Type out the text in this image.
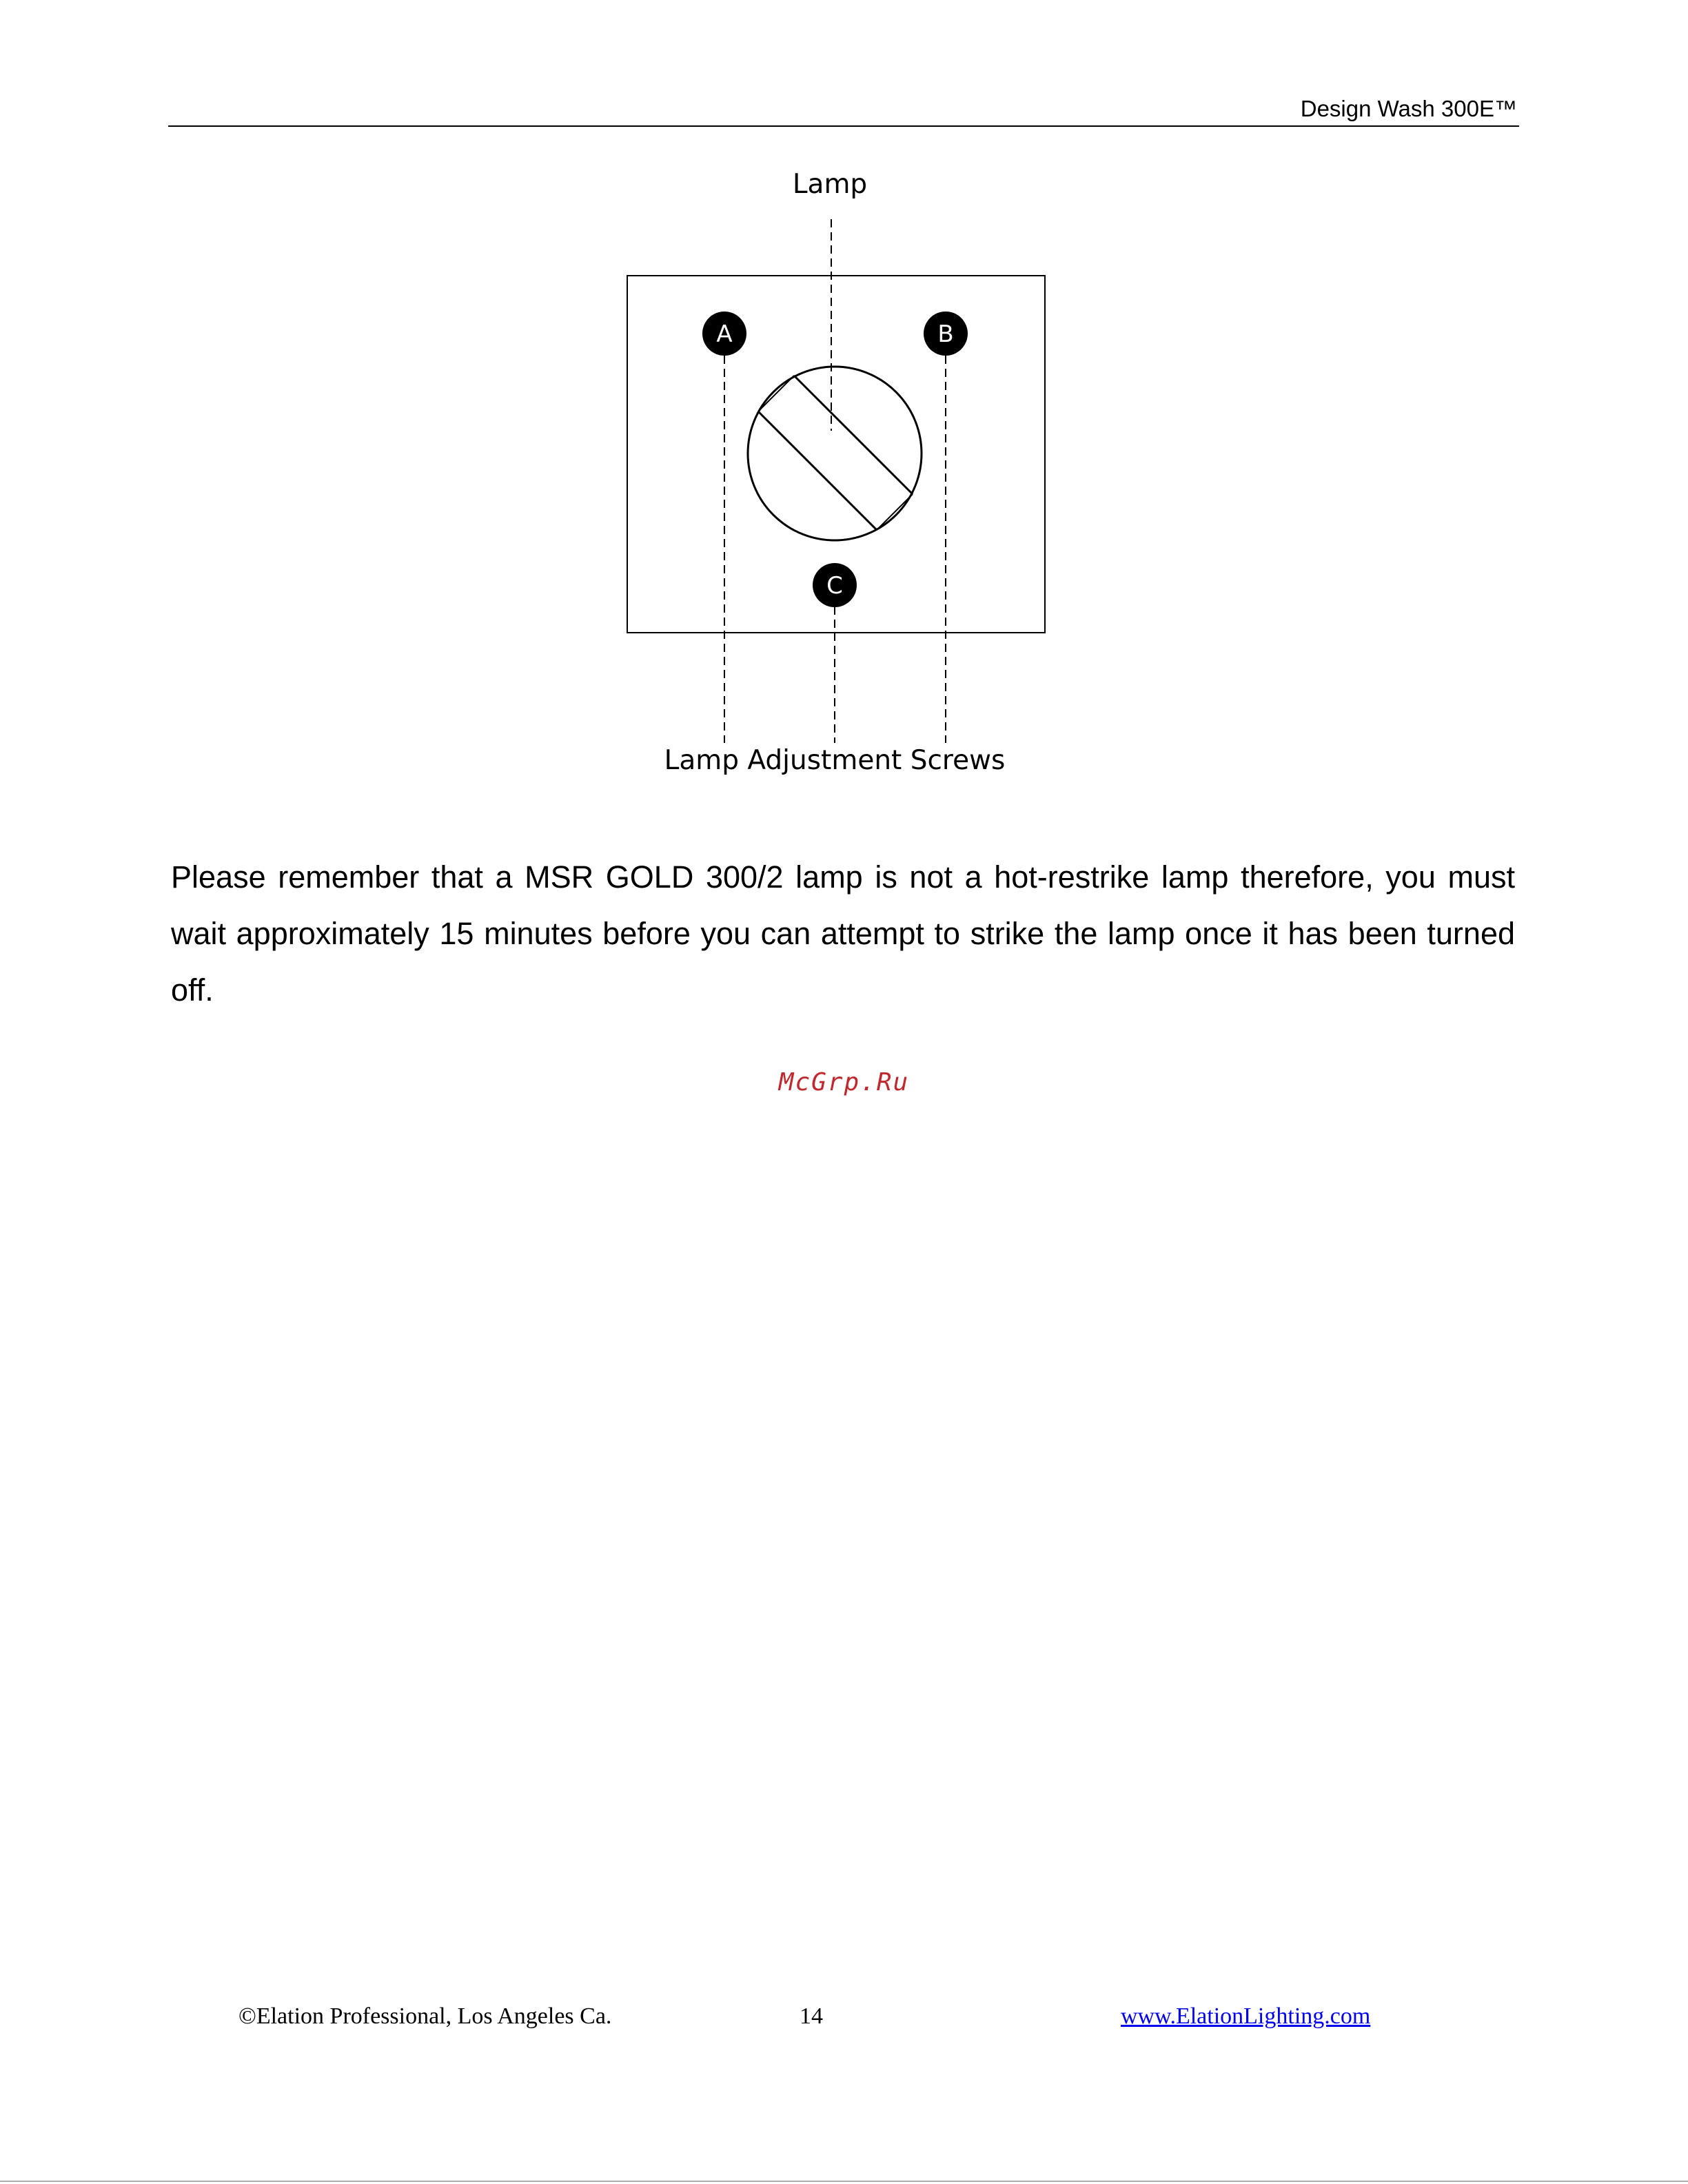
Design Wash 300E™
Lamp
A	B
C
Lamp Adjustment Screws

Please remember that a MSR GOLD 300/2 lamp is not a hot-restrike lamp therefore, you must wait approximately 15 minutes before you can attempt to strike the lamp once it has been turned off.

McGrp.Ru
©Elation Professional, Los Angeles Ca.	14	www.ElationLighting.com
